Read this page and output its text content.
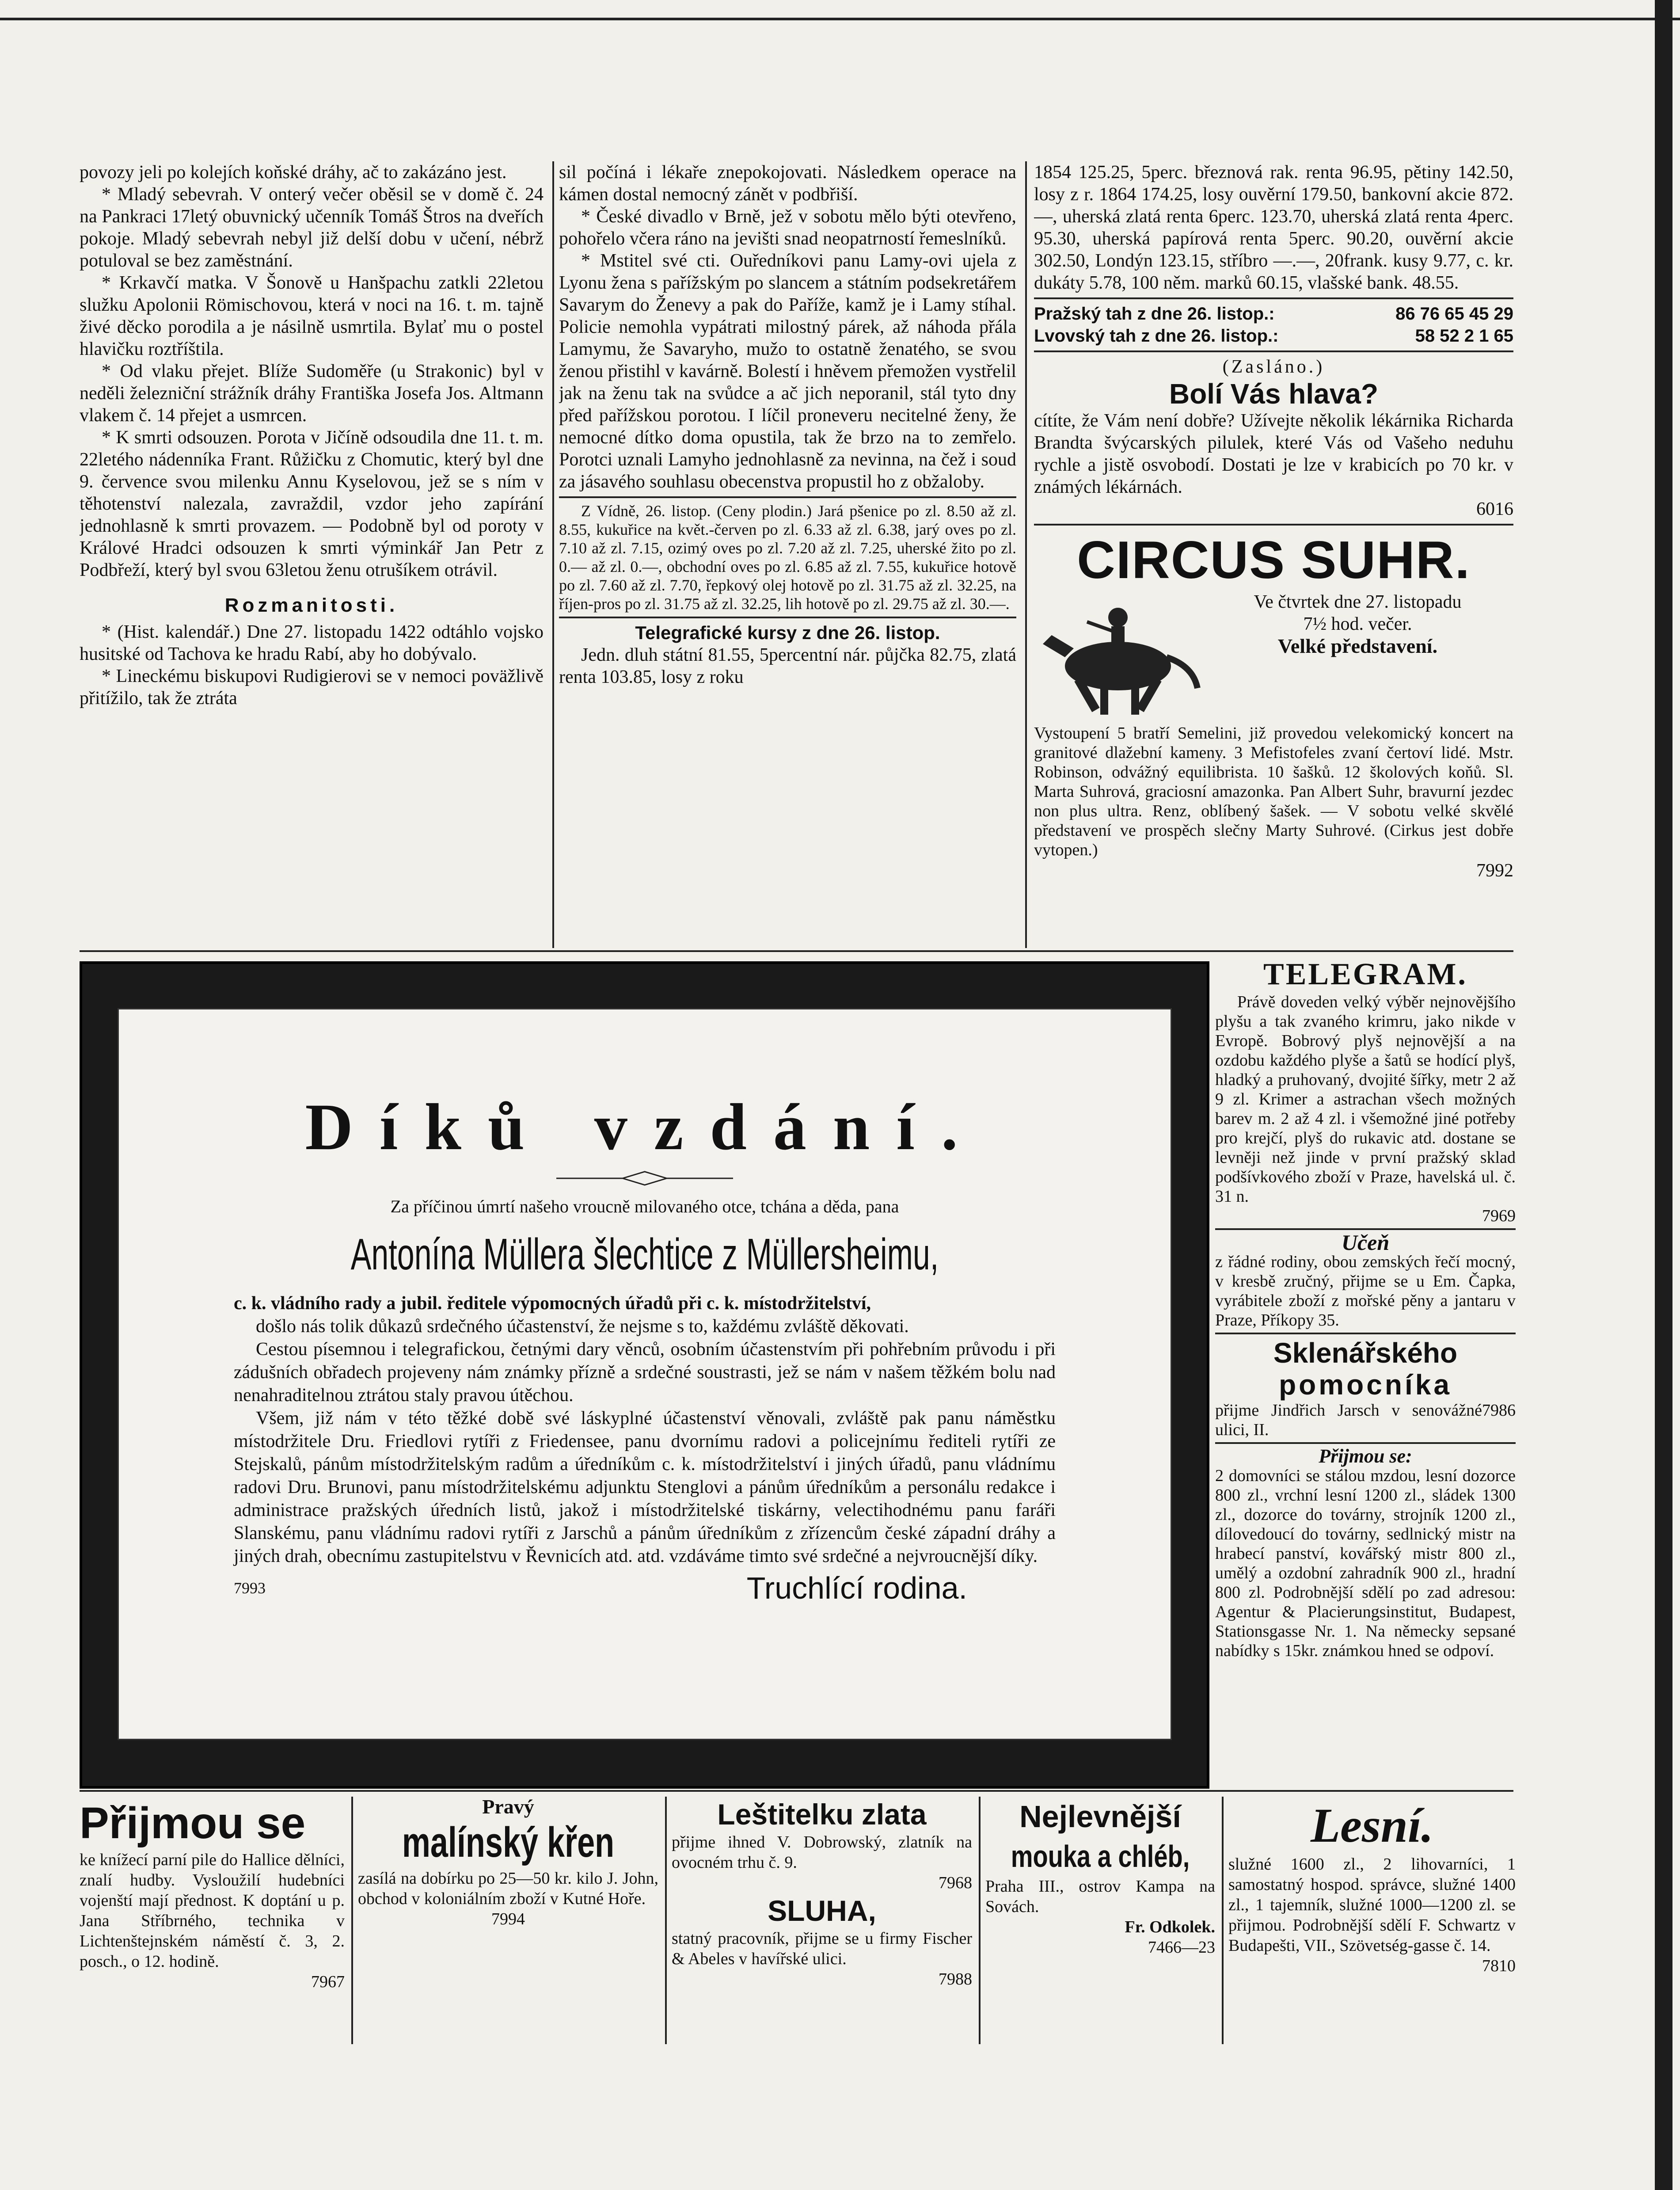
povozy jeli po kolejích koňské dráhy, ač to zakázáno jest.

* Mladý sebevrah. V onterý večer oběsil se v domě č. 24 na Pankraci 17letý obuvnický učenník Tomáš Štros na dveřích pokoje. Mladý sebevrah nebyl již delší dobu v učení, nébrž potuloval se bez zaměstnání.

* Krkavčí matka. V Šonově u Hanšpachu zatkli 22letou služku Apolonii Römischovou, která v noci na 16. t. m. tajně živé děcko porodila a je násilně usmrtila. Bylať mu o postel hlavičku roztříštila.

* Od vlaku přejet. Blíže Sudoměře (u Strakonic) byl v neděli železniční strážník dráhy Františka Josefa Jos. Altmann vlakem č. 14 přejet a usmrcen.

* K smrti odsouzen. Porota v Jičíně odsoudila dne 11. t. m. 22letého nádenníka Frant. Růžičku z Chomutic, který byl dne 9. července svou milenku Annu Kyselovou, jež se s ním v těhotenství nalezala, zavraždil, vzdor jeho zapírání jednohlasně k smrti provazem. — Podobně byl od poroty v Králové Hradci odsouzen k smrti výminkář Jan Petr z Podbřeží, který byl svou 63letou ženu otrušíkem otrávil.

Rozmanitosti.

* (Hist. kalendář.) Dne 27. listopadu 1422 odtáhlo vojsko husitské od Tachova ke hradu Rabí, aby ho dobývalo.

* Lineckému biskupovi Rudigierovi se v nemoci poväžlivě přitížilo, tak že ztráta

sil počíná i lékaře znepokojovati. Následkem operace na kámen dostal nemocný zánět v podbřiší.

* České divadlo v Brně, jež v sobotu mělo býti otevřeno, pohořelo včera ráno na jevišti snad neopatrností řemeslníků.

* Mstitel své cti. Ouředníkovi panu Lamy-ovi ujela z Lyonu žena s pařížským po slancem a státním podsekretářem Savarym do Ženevy a pak do Paříže, kamž je i Lamy stíhal. Policie nemohla vypátrati milostný párek, až náhoda přála Lamymu, že Savaryho, mužo to ostatně ženatého, se svou ženou přistihl v kavárně. Bolestí i hněvem přemožen vystřelil jak na ženu tak na svůdce a ač jich neporanil, stál tyto dny před pařížskou porotou. I líčil proneveru necitelné ženy, že nemocné dítko doma opustila, tak že brzo na to zemřelo. Porotci uznali Lamyho jednohlasně za nevinna, na čež i soud za jásavého souhlasu obecenstva propustil ho z obžaloby.

Z Vídně, 26. listop. (Ceny plodin.) Jará pšenice po zl. 8.50 až zl. 8.55, kukuřice na květ.-červen po zl. 6.33 až zl. 6.38, jarý oves po zl. 7.10 až zl. 7.15, ozimý oves po zl. 7.20 až zl. 7.25, uherské žito po zl. 0.— až zl. 0.—, obchodní oves po zl. 6.85 až zl. 7.55, kukuřice hotově po zl. 7.60 až zl. 7.70, řepkový olej hotově po zl. 31.75 až zl. 32.25, na říjen-pros po zl. 31.75 až zl. 32.25, lih hotově po zl. 29.75 až zl. 30.—.

Telegrafické kursy z dne 26. listop.

Jedn. dluh státní 81.55, 5percentní nár. půjčka 82.75, zlatá renta 103.85, losy z roku

1854 125.25, 5perc. březnová rak. renta 96.95, pětiny 142.50, losy z r. 1864 174.25, losy ouvěrní 179.50, bankovní akcie 872.—, uherská zlatá renta 6perc. 123.70, uherská zlatá renta 4perc. 95.30, uherská papírová renta 5perc. 90.20, ouvěrní akcie 302.50, Londýn 123.15, stříbro —.—, 20frank. kusy 9.77, c. kr. dukáty 5.78, 100 něm. marků 60.15, vlašské bank. 48.55.

Pražský tah z dne 26. listop.:	86 76 65 45 29
Lvovský tah z dne 26. listop.:	58 52 2 1 65
(Zasláno.)
Bolí Vás hlava?

cítíte, že Vám není dobře? Užívejte několik lékárnika Richarda Brandta švýcarských pilulek, které Vás od Vašeho neduhu rychle a jistě osvobodí. Dostati je lze v krabicích po 70 kr. v známých lékárnách.

6016
CIRCUS SUHR.
Ve čtvrtek dne 27. listopadu
7½ hod. večer.
Velké představení.

Vystoupení 5 bratří Semelini, již provedou velekomický koncert na granitové dlažební kameny. 3 Mefistofeles zvaní čertoví lidé. Mstr. Robinson, odvážný equilibrista. 10 šašků. 12 školových koňů. Sl. Marta Suhrová, graciosní amazonka. Pan Albert Suhr, bravurní jezdec non plus ultra. Renz, oblíbený šašek. — V sobotu velké skvělé představení ve prospěch slečny Marty Suhrové. (Cirkus jest dobře vytopen.)

7992
Díků vzdání.
Za příčinou úmrtí našeho vroucně milovaného otce, tchána a děda, pana
Antonína Müllera šlechtice z Müllersheimu,

c. k. vládního rady a jubil. ředitele výpomocných úřadů při c. k. místodržitelství,

došlo nás tolik důkazů srdečného účastenství, že nejsme s to, každému zvláště děkovati.

Cestou písemnou i telegrafickou, četnými dary věnců, osobním účastenstvím při pohřebním průvodu i při zádušních obřadech projeveny nám známky přízně a srdečné soustrasti, jež se nám v našem těžkém bolu nad nenahraditelnou ztrátou staly pravou útěchou.

Všem, již nám v této těžké době své láskyplné účastenství věnovali, zvláště pak panu náměstku místodržitele Dru. Friedlovi rytíři z Friedensee, panu dvornímu radovi a policejnímu řediteli rytíři ze Stejskalů, pánům místodržitelským radům a úředníkům c. k. místodržitelství i jiných úřadů, panu vládnímu radovi Dru. Brunovi, panu místodržitelskému adjunktu Stenglovi a pánům úředníkům a personálu redakce i administrace pražských úředních listů, jakož i místodržitelské tiskárny, velectihodnému panu faráři Slanskému, panu vládnímu radovi rytíři z Jarschů a pánům úředníkům z zřízencům české západní dráhy a jiných drah, obecnímu zastupitelstvu v Řevnicích atd. atd. vzdáváme timto své srdečné a nejvroucnější díky.

7993	Truchlící rodina.
TELEGRAM.

Právě doveden velký výběr nejnovějšího plyšu a tak zvaného krimru, jako nikde v Evropě. Bobrový plyš nejnovější a na ozdobu každého plyše a šatů se hodící plyš, hladký a pruhovaný, dvojité šířky, metr 2 až 9 zl. Krimer a astrachan všech možných barev m. 2 až 4 zl. i všemožné jiné potřeby pro krejčí, plyš do rukavic atd. dostane se levněji než jinde v první pražský sklad podšívkového zboží v Praze, havelská ul. č. 31 n.

7969
Učeň

z řádné rodiny, obou zemských řečí mocný, v kresbě zručný, přijme se u Em. Čapka, vyrábitele zboží z mořské pěny a jantaru v Praze, Příkopy 35.

Sklenářského
pomocníka
přijme Jindřich Jarsch v senovážné ulici, II.
7986
Přijmou se:

2 domovníci se stálou mzdou, lesní dozorce 800 zl., vrchní lesní 1200 zl., sládek 1300 zl., dozorce do továrny, strojník 1200 zl., dílovedoucí do továrny, sedlnický mistr na hrabecí panství, kovářský mistr 800 zl., umělý a ozdobní zahradník 900 zl., hradní 800 zl. Podrobnější sdělí po zad adresou: Agentur & Placierungsinstitut, Budapest, Stationsgasse Nr. 1. Na německy sepsané nabídky s 15kr. známkou hned se odpoví.

Přijmou se

ke knížecí parní pile do Hallice dělníci, znalí hudby. Vysloužilí hudebníci vojenští mají přednost. K doptání u p. Jana Stříbrného, technika v Lichtenštejnském náměstí č. 3, 2. posch., o 12. hodině.

7967
Pravý
malínský křen

zasílá na dobírku po 25—50 kr. kilo J. John, obchod v koloniálním zboží v Kutné Hoře.

7994
Leštitelku zlata

přijme ihned V. Dobrowský, zlatník na ovocném trhu č. 9.

7968
SLUHA,

statný pracovník, přijme se u firmy Fischer & Abeles v havířské ulici.

7988
Nejlevnější
mouka a chléb,

Praha III., ostrov Kampa na Sovách.

Fr. Odkolek.
7466—23
Lesní.

služné 1600 zl., 2 lihovarníci, 1 samostatný hospod. správce, služné 1400 zl., 1 tajemník, služné 1000—1200 zl. se přijmou. Podrobnější sdělí F. Schwartz v Budapešti, VII., Szövetség-gasse č. 14.

7810
